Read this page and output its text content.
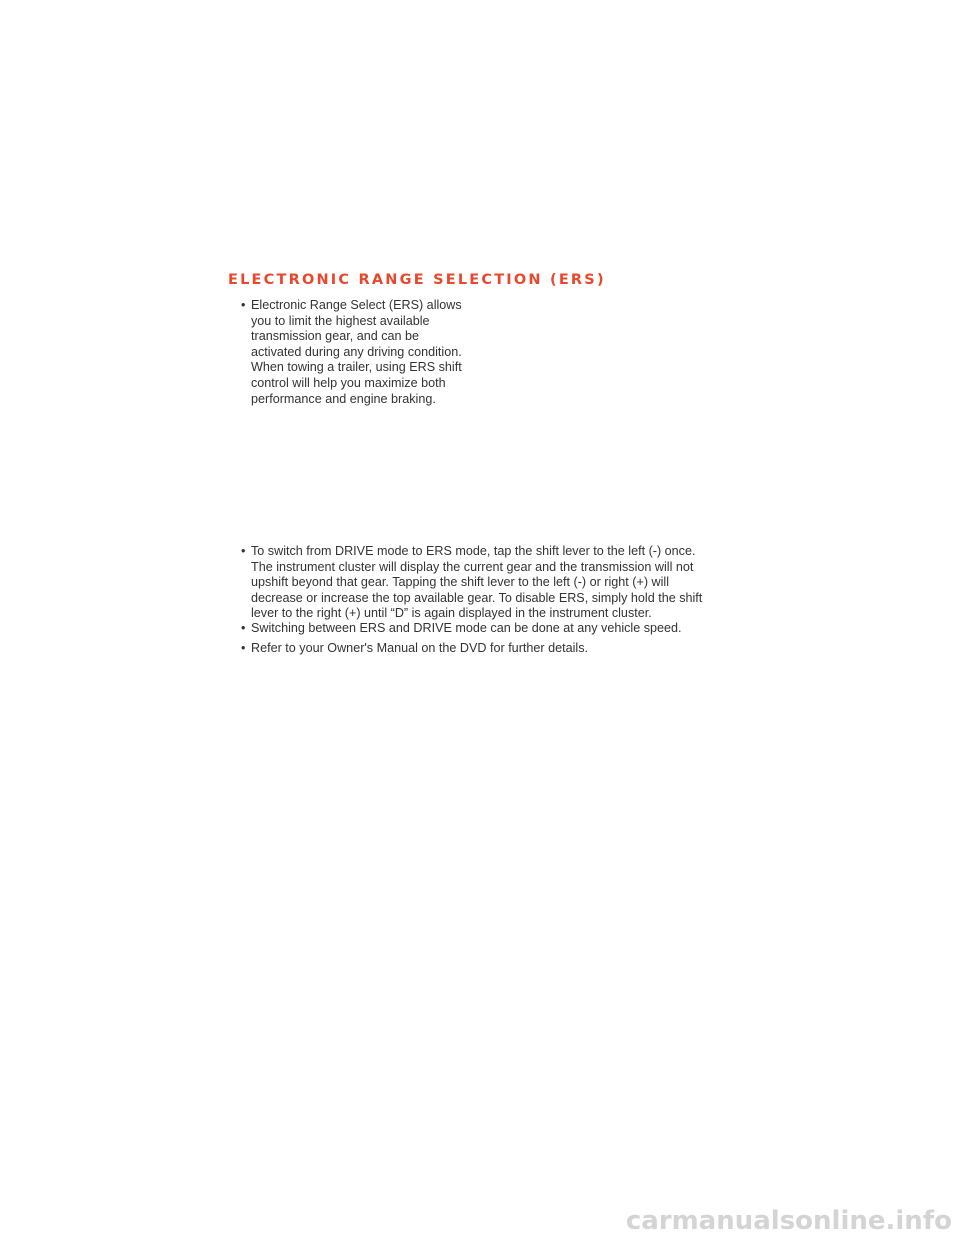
ELECTRONIC RANGE SELECTION (ERS)
• Electronic Range Select (ERS) allows
you to limit the highest available
transmission gear, and can be
activated during any driving condition.
When towing a trailer, using ERS shift
control will help you maximize both
performance and engine braking.
• To switch from DRIVE mode to ERS mode, tap the shift lever to the left (-) once.
The instrument cluster will display the current gear and the transmission will not
upshift beyond that gear. Tapping the shift lever to the left (-) or right (+) will
decrease or increase the top available gear. To disable ERS, simply hold the shift
lever to the right (+) until “D” is again displayed in the instrument cluster.
• Switching between ERS and DRIVE mode can be done at any vehicle speed.
• Refer to your Owner's Manual on the DVD for further details.
carmanualsonline.info
